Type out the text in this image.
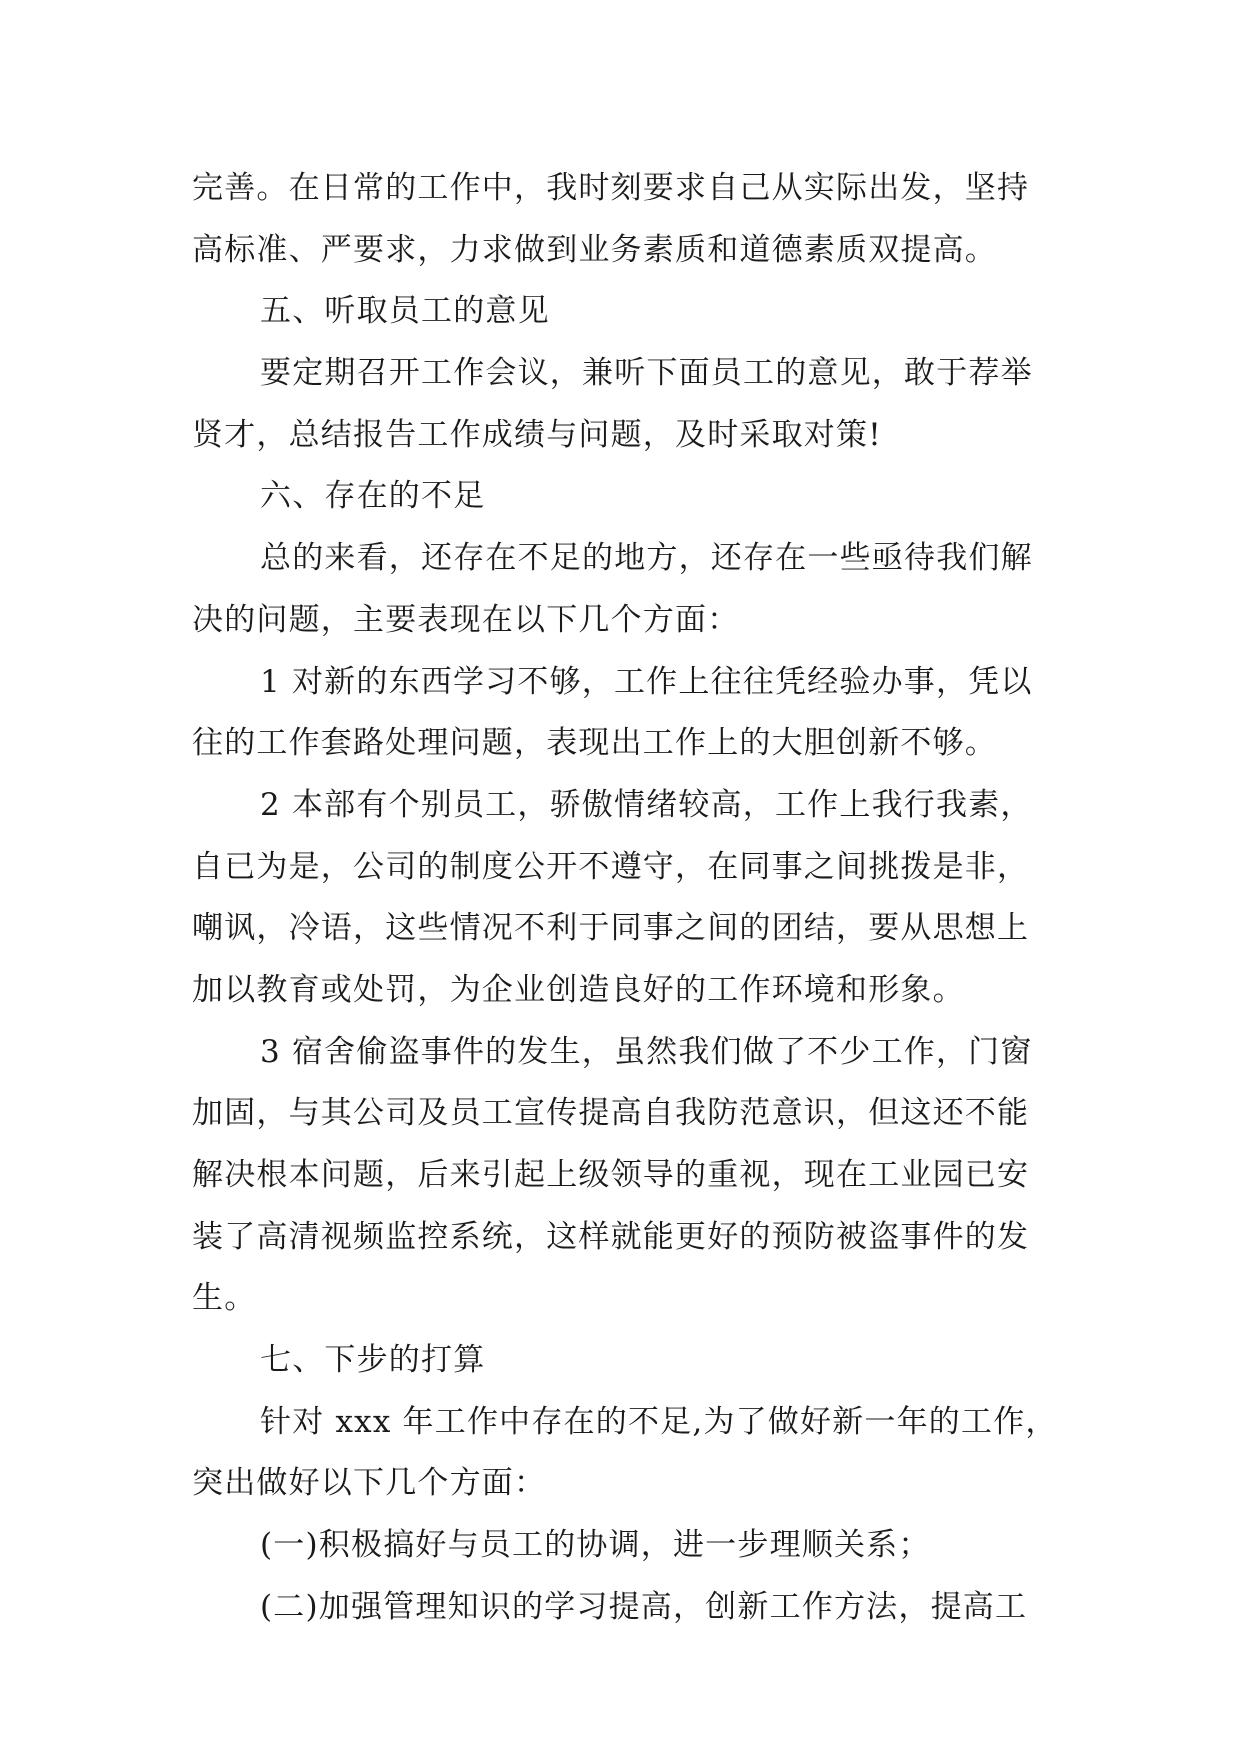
完善。在日常的工作中，我时刻要求自己从实际出发，坚持
高标准、严要求，力求做到业务素质和道德素质双提高。
五、听取员工的意见
要定期召开工作会议，兼听下面员工的意见，敢于荐举
贤才，总结报告工作成绩与问题，及时采取对策!
六、存在的不足
总的来看，还存在不足的地方，还存在一些亟待我们解
决的问题，主要表现在以下几个方面：
1 对新的东西学习不够，工作上往往凭经验办事，凭以
往的工作套路处理问题，表现出工作上的大胆创新不够。
2 本部有个别员工，骄傲情绪较高，工作上我行我素，
自已为是，公司的制度公开不遵守，在同事之间挑拨是非，
嘲讽，冷语，这些情况不利于同事之间的团结，要从思想上
加以教育或处罚，为企业创造良好的工作环境和形象。
3 宿舍偷盗事件的发生，虽然我们做了不少工作，门窗
加固，与其公司及员工宣传提高自我防范意识，但这还不能
解决根本问题，后来引起上级领导的重视，现在工业园已安
装了高清视频监控系统，这样就能更好的预防被盗事件的发
生。
七、下步的打算
针对 xxx 年工作中存在的不足,为了做好新一年的工作，
突出做好以下几个方面：
(一)积极搞好与员工的协调，进一步理顺关系；
(二)加强管理知识的学习提高，创新工作方法，提高工
